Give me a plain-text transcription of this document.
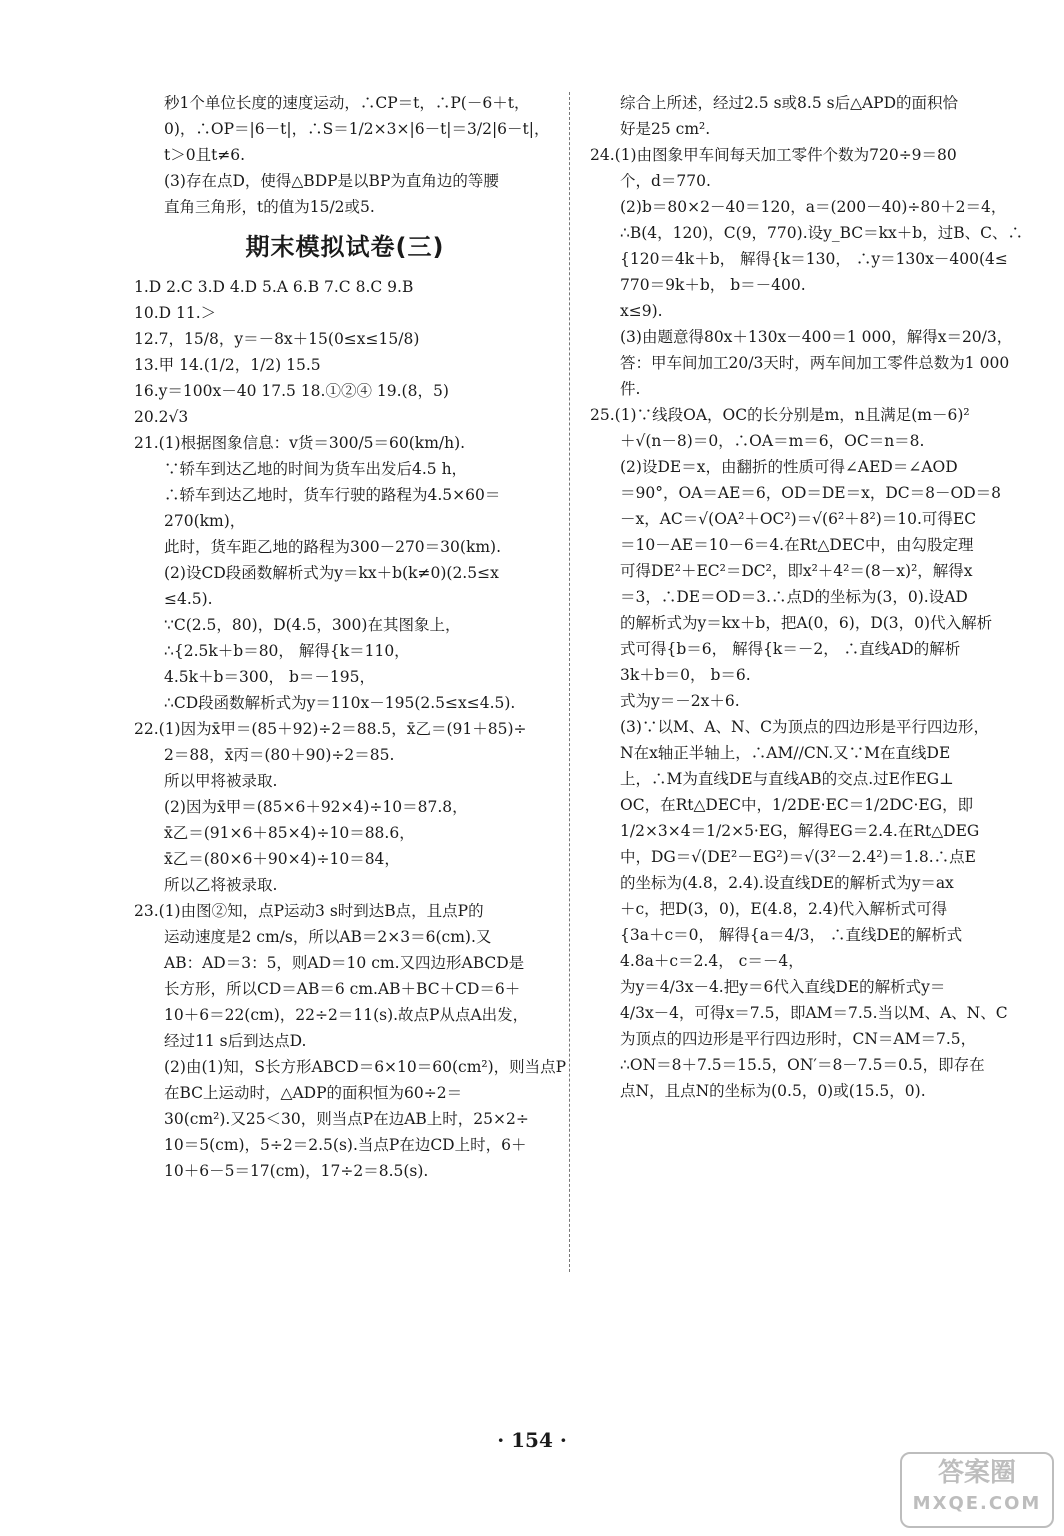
秒1个单位长度的速度运动，∴CP＝t，∴P(－6＋t，
0)，∴OP＝|6－t|，∴S＝1/2×3×|6－t|＝3/2|6－t|，
t＞0且t≠6.
(3)存在点D，使得△BDP是以BP为直角边的等腰
直角三角形，t的值为15/2或5.
期末模拟试卷(三)
1.D 2.C 3.D 4.D 5.A 6.B 7.C 8.C 9.B
10.D 11.＞
12.7，15/8，y＝－8x＋15(0≤x≤15/8)
13.甲 14.(1/2，1/2) 15.5
16.y＝100x－40 17.5 18.①②④ 19.(8，5)
20.2√3
21.(1)根据图象信息：v货＝300/5＝60(km/h).
∵轿车到达乙地的时间为货车出发后4.5 h，
∴轿车到达乙地时，货车行驶的路程为4.5×60＝
270(km)，
此时，货车距乙地的路程为300－270＝30(km).
(2)设CD段函数解析式为y＝kx＋b(k≠0)(2.5≤x
≤4.5).
∵C(2.5，80)，D(4.5，300)在其图象上，
∴{2.5k＋b＝80， 解得{k＝110，
4.5k＋b＝300， b＝－195，
∴CD段函数解析式为y＝110x－195(2.5≤x≤4.5).
22.(1)因为x̄甲＝(85＋92)÷2＝88.5，x̄乙＝(91＋85)÷
2＝88，x̄丙＝(80＋90)÷2＝85.
所以甲将被录取.
(2)因为x̄甲＝(85×6＋92×4)÷10＝87.8，
x̄乙＝(91×6＋85×4)÷10＝88.6，
x̄乙＝(80×6＋90×4)÷10＝84，
所以乙将被录取.
23.(1)由图②知，点P运动3 s时到达B点，且点P的
运动速度是2 cm/s，所以AB＝2×3＝6(cm).又
AB：AD＝3：5，则AD＝10 cm.又四边形ABCD是
长方形，所以CD＝AB＝6 cm.AB＋BC＋CD＝6＋
10＋6＝22(cm)，22÷2＝11(s).故点P从点A出发，
经过11 s后到达点D.
(2)由(1)知，S长方形ABCD＝6×10＝60(cm²)，则当点P
在BC上运动时，△ADP的面积恒为60÷2＝
30(cm²).又25＜30，则当点P在边AB上时，25×2÷
10＝5(cm)，5÷2＝2.5(s).当点P在边CD上时，6＋
10＋6－5＝17(cm)，17÷2＝8.5(s).
综合上所述，经过2.5 s或8.5 s后△APD的面积恰
好是25 cm².
24.(1)由图象甲车间每天加工零件个数为720÷9＝80
个，d＝770.
(2)b＝80×2－40＝120，a＝(200－40)÷80＋2＝4，
∴B(4，120)，C(9，770).设y_BC＝kx＋b，过B、C、∴
{120＝4k＋b， 解得{k＝130， ∴y＝130x－400(4≤
770＝9k＋b， b＝－400.
x≤9).
(3)由题意得80x＋130x－400＝1 000，解得x＝20/3，
答：甲车间加工20/3天时，两车间加工零件总数为1 000
件.
25.(1)∵线段OA，OC的长分别是m，n且满足(m－6)²
＋√(n－8)＝0，∴OA＝m＝6，OC＝n＝8.
(2)设DE＝x，由翻折的性质可得∠AED＝∠AOD
＝90°，OA＝AE＝6，OD＝DE＝x，DC＝8－OD＝8
－x，AC＝√(OA²＋OC²)＝√(6²＋8²)＝10.可得EC
＝10－AE＝10－6＝4.在Rt△DEC中，由勾股定理
可得DE²＋EC²＝DC²，即x²＋4²＝(8－x)²，解得x
＝3，∴DE＝OD＝3.∴点D的坐标为(3，0).设AD
的解析式为y＝kx＋b，把A(0，6)，D(3，0)代入解析
式可得{b＝6， 解得{k＝－2， ∴直线AD的解析
3k＋b＝0， b＝6.
式为y＝－2x＋6.
(3)∵以M、A、N、C为顶点的四边形是平行四边形，
N在x轴正半轴上，∴AM//CN.又∵M在直线DE
上，∴M为直线DE与直线AB的交点.过E作EG⊥
OC，在Rt△DEC中，1/2DE·EC＝1/2DC·EG，即
1/2×3×4＝1/2×5·EG，解得EG＝2.4.在Rt△DEG
中，DG＝√(DE²－EG²)＝√(3²－2.4²)＝1.8.∴点E
的坐标为(4.8，2.4).设直线DE的解析式为y＝ax
＋c，把D(3，0)，E(4.8，2.4)代入解析式可得
{3a＋c＝0， 解得{a＝4/3， ∴直线DE的解析式
4.8a＋c＝2.4， c＝－4，
为y＝4/3x－4.把y＝6代入直线DE的解析式y＝
4/3x－4，可得x＝7.5，即AM＝7.5.当以M、A、N、C
为顶点的四边形是平行四边形时，CN＝AM＝7.5，
∴ON＝8＋7.5＝15.5，ON′＝8－7.5＝0.5，即存在
点N，且点N的坐标为(0.5，0)或(15.5，0).
· 154 ·
答案圈
MXQE.COM
